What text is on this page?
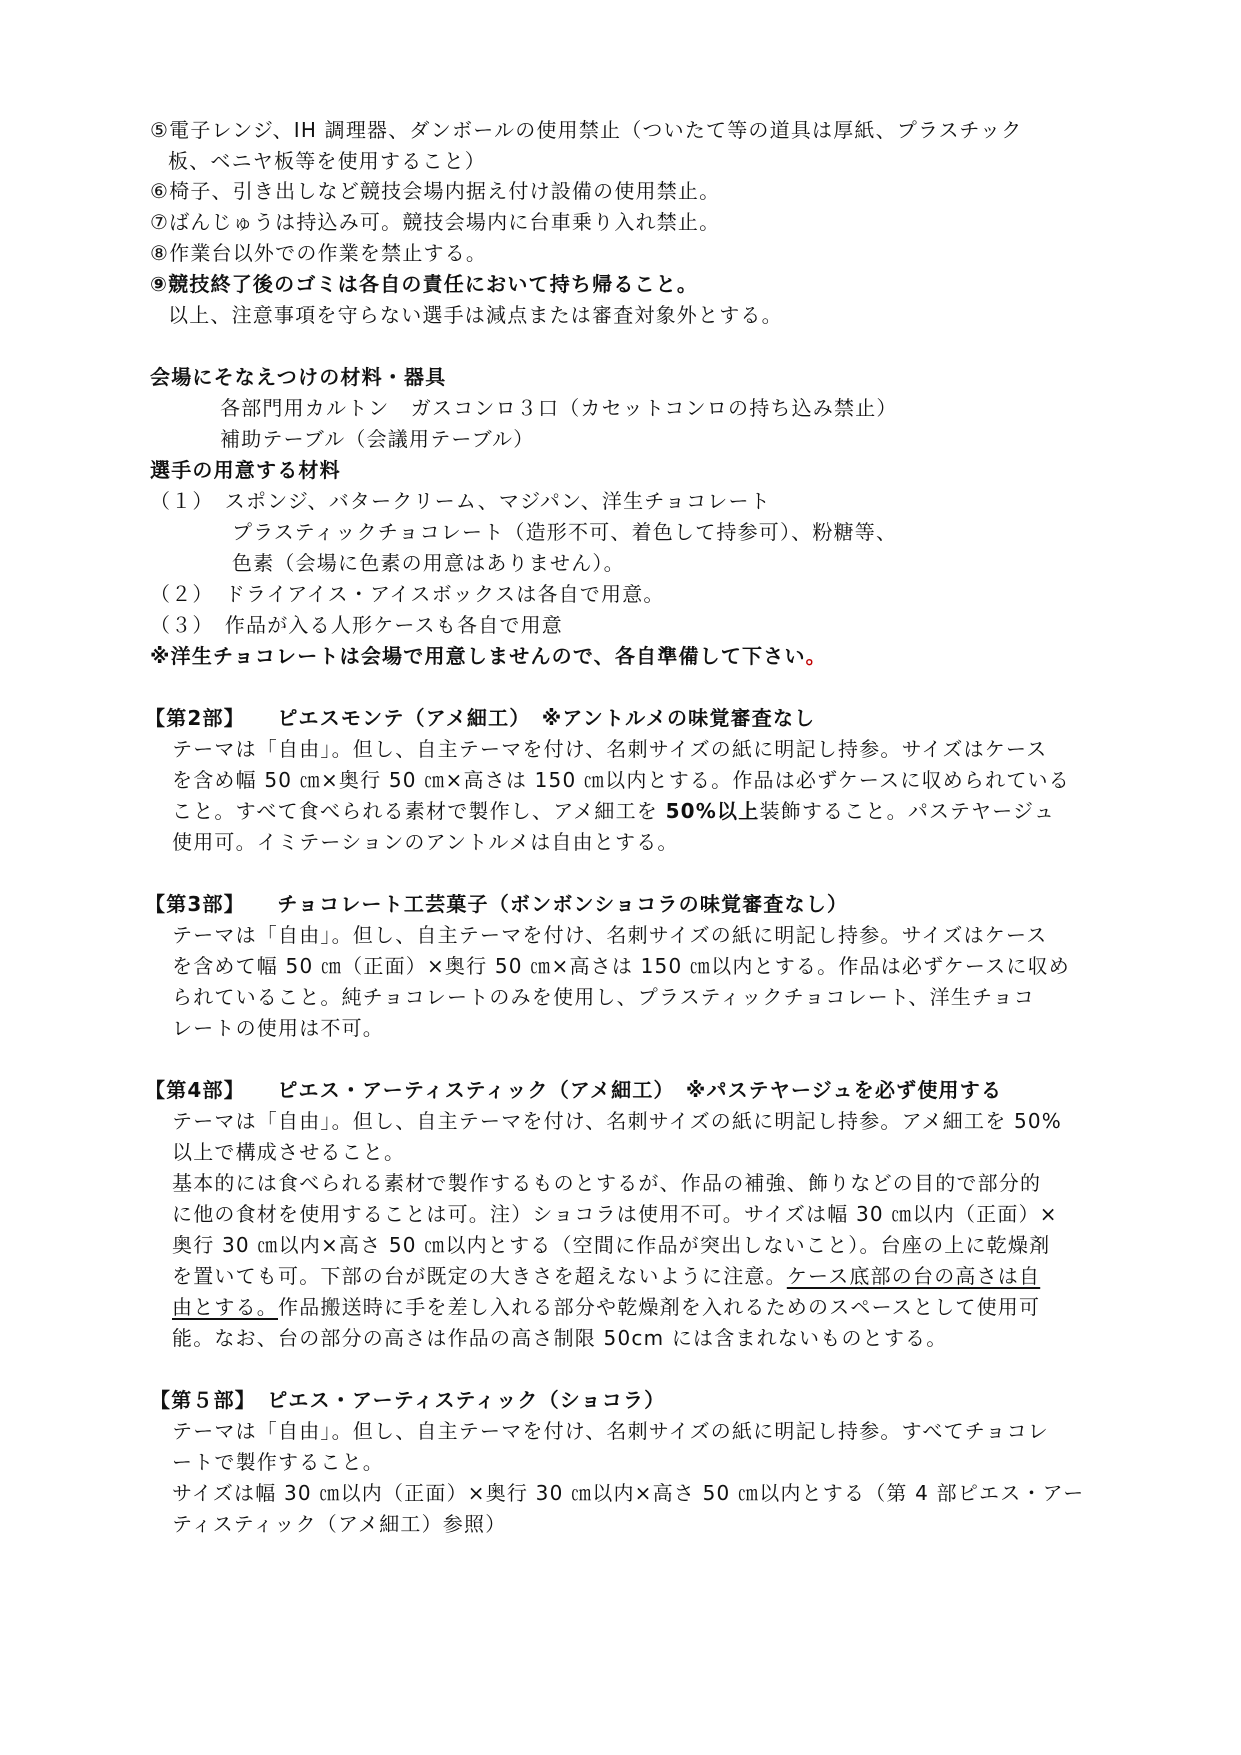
⑤電子レンジ、IH 調理器、ダンボールの使用禁止（ついたて等の道具は厚紙、プラスチック
板、ベニヤ板等を使用すること）
⑥椅子、引き出しなど競技会場内据え付け設備の使用禁止。
⑦ばんじゅうは持込み可。競技会場内に台車乗り入れ禁止。
⑧作業台以外での作業を禁止する。
⑨競技終了後のゴミは各自の責任において持ち帰ること。
以上、注意事項を守らない選手は減点または審査対象外とする。
会場にそなえつけの材料・器具
各部門用カルトン　ガスコンロ３口（カセットコンロの持ち込み禁止）
補助テーブル（会議用テーブル）
選手の用意する材料
（１）　スポンジ、バタークリーム、マジパン、洋生チョコレート
プラスティックチョコレート（造形不可、着色して持参可）、粉糖等、
色素（会場に色素の用意はありません）。
（２）　ドライアイス・アイスボックスは各自で用意。
（３）　作品が入る人形ケースも各自で用意
※洋生チョコレートは会場で用意しませんので、各自準備して下さい。
【第2部】　　ピエスモンテ（アメ細工）　※アントルメの味覚審査なし
テーマは「自由」。但し、自主テーマを付け、名刺サイズの紙に明記し持参。サイズはケース
を含め幅 50 ㎝×奥行 50 ㎝×高さは 150 ㎝以内とする。作品は必ずケースに収められている
こと。すべて食べられる素材で製作し、アメ細工を 50%以上装飾すること。パステヤージュ
使用可。イミテーションのアントルメは自由とする。
【第3部】　　チョコレート工芸菓子（ボンボンショコラの味覚審査なし）
テーマは「自由」。但し、自主テーマを付け、名刺サイズの紙に明記し持参。サイズはケース
を含めて幅 50 ㎝（正面）×奥行 50 ㎝×高さは 150 ㎝以内とする。作品は必ずケースに収め
られていること。純チョコレートのみを使用し、プラスティックチョコレート、洋生チョコ
レートの使用は不可。
【第4部】　　ピエス・アーティスティック（アメ細工）　※パステヤージュを必ず使用する
テーマは「自由」。但し、自主テーマを付け、名刺サイズの紙に明記し持参。アメ細工を 50%
以上で構成させること。
基本的には食べられる素材で製作するものとするが、作品の補強、飾りなどの目的で部分的
に他の食材を使用することは可。注）ショコラは使用不可。サイズは幅 30 ㎝以内（正面）×
奥行 30 ㎝以内×高さ 50 ㎝以内とする（空間に作品が突出しないこと）。台座の上に乾燥剤
を置いても可。下部の台が既定の大きさを超えないように注意。ケース底部の台の高さは自
由とする。作品搬送時に手を差し入れる部分や乾燥剤を入れるためのスペースとして使用可
能。なお、台の部分の高さは作品の高さ制限 50cm には含まれないものとする。
【第５部】　ピエス・アーティスティック（ショコラ）
テーマは「自由」。但し、自主テーマを付け、名刺サイズの紙に明記し持参。すべてチョコレ
ートで製作すること。
サイズは幅 30 ㎝以内（正面）×奥行 30 ㎝以内×高さ 50 ㎝以内とする（第 4 部ピエス・アー
ティスティック（アメ細工）参照）
